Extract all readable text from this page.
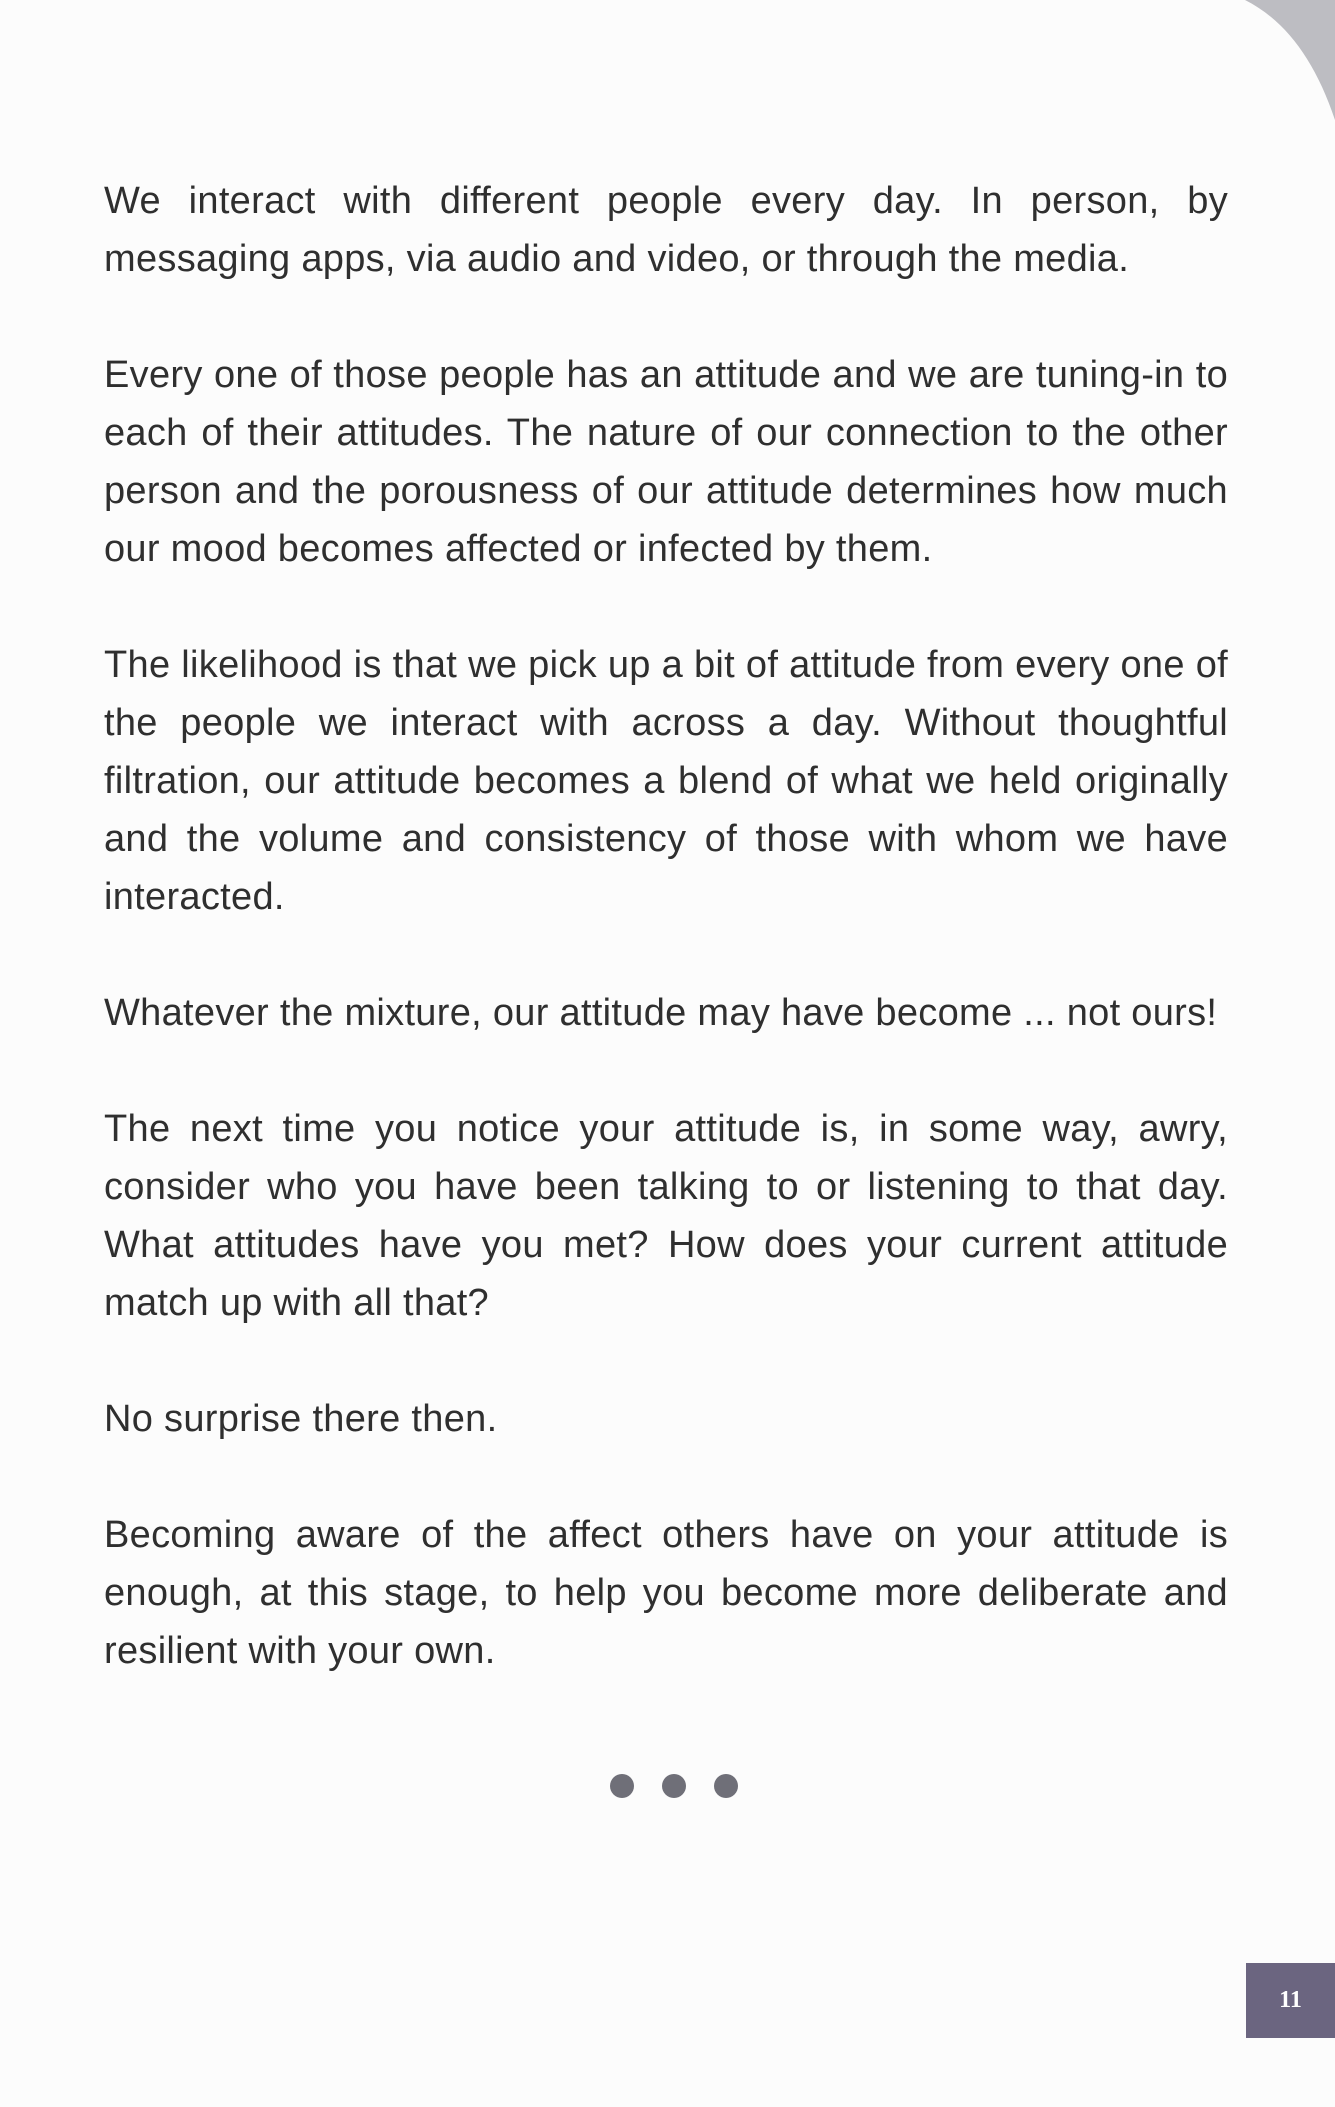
We interact with different people every day. In person, by messaging apps, via audio and video, or through the media.

Every one of those people has an attitude and we are tuning-in to each of their attitudes. The nature of our connection to the other person and the porousness of our attitude determines how much our mood becomes affected or infected by them.

The likelihood is that we pick up a bit of attitude from every one of the people we interact with across a day. Without thoughtful filtration, our attitude becomes a blend of what we held originally and the volume and consistency of those with whom we have interacted.

Whatever the mixture, our attitude may have become ... not ours!

The next time you notice your attitude is, in some way, awry, consider who you have been talking to or listening to that day. What attitudes have you met? How does your current attitude match up with all that?

No surprise there then.

Becoming aware of the affect others have on your attitude is enough, at this stage, to help you become more deliberate and resilient with your own.

11
